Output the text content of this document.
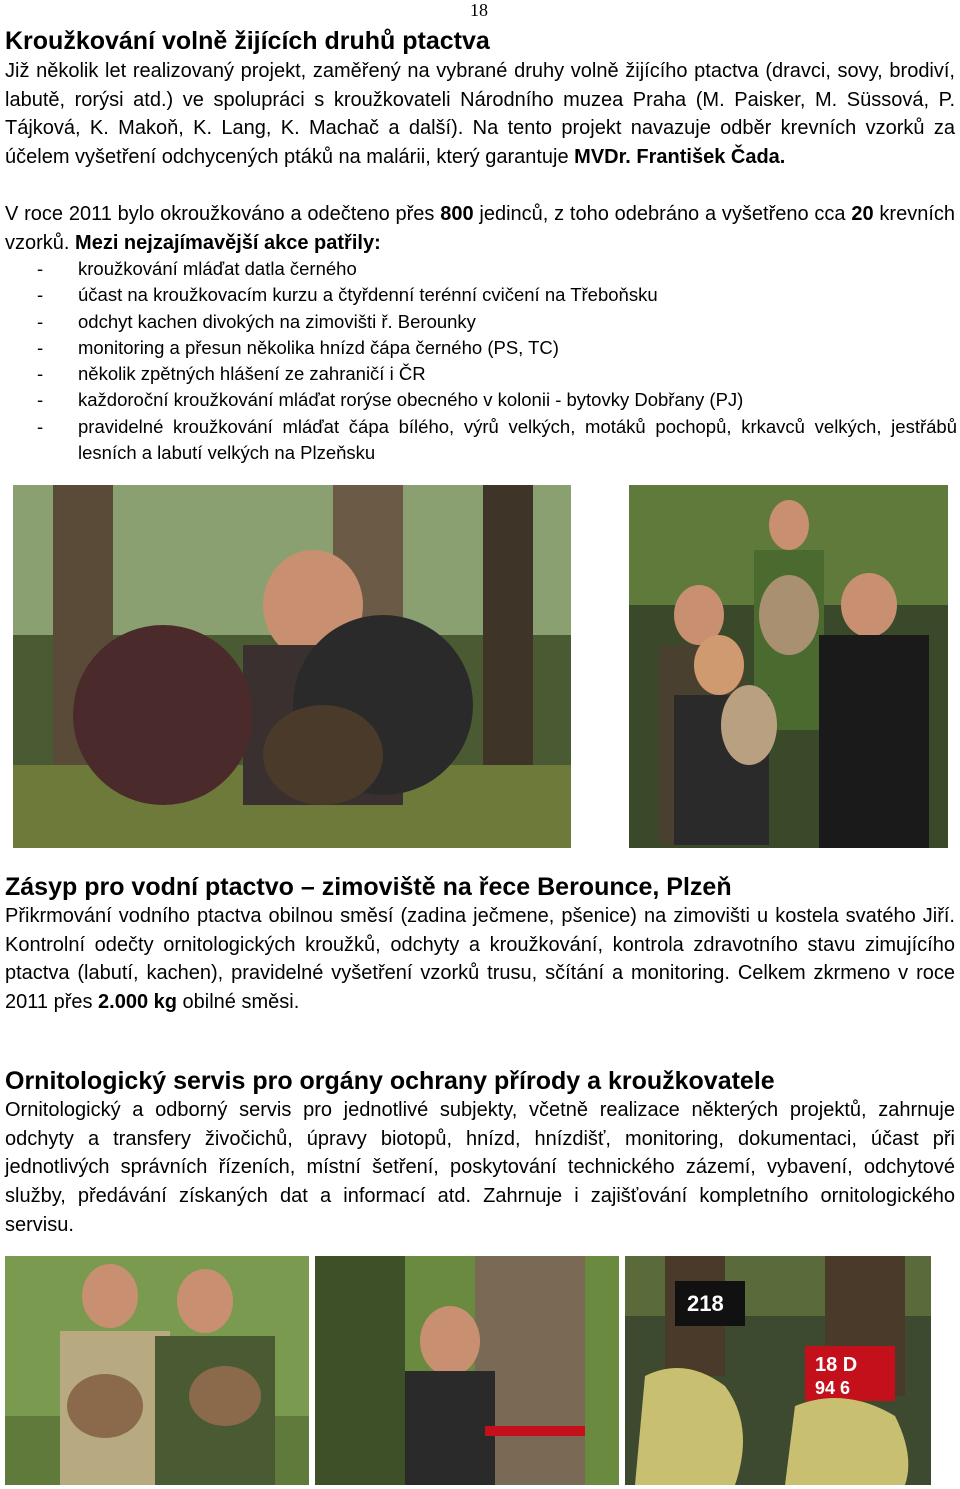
18
Kroužkování volně žijících druhů ptactva
Již několik let realizovaný projekt, zaměřený na vybrané druhy volně žijícího ptactva (dravci, sovy, brodiví, labutě, rorýsi atd.) ve spolupráci s kroužkovateli Národního muzea Praha (M. Paisker, M. Süssová, P. Tájková, K. Makoň, K. Lang, K. Machač a další). Na tento projekt navazuje odběr krevních vzorků za účelem vyšetření odchycených ptáků na malárii, který garantuje MVDr. František Čada.
V roce 2011 bylo okroužkováno a odečteno přes 800 jedinců, z toho odebráno a vyšetřeno cca 20 krevních vzorků. Mezi nejzajímavější akce patřily:
- kroužkování mláďat datla černého
- účast na kroužkovacím kurzu a čtyřdenní terénní cvičení na Třeboňsku
- odchyt kachen divokých na zimovišti ř. Berounky
- monitoring a přesun několika hnízd čápa černého (PS, TC)
- několik zpětných hlášení ze zahraničí i ČR
- každoroční kroužkování mláďat rorýse obecného v kolonii - bytovky Dobřany (PJ)
- pravidelné kroužkování mláďat čápa bílého, výrů velkých, motáků pochopů, krkavců velkých, jestřábů lesních a labutí velkých na Plzeňsku
Zásyp pro vodní ptactvo – zimoviště na řece Berounce, Plzeň
Přikrmování vodního ptactva obilnou směsí (zadina ječmene, pšenice) na zimovišti u kostela svatého Jiří. Kontrolní odečty ornitologických kroužků, odchyty a kroužkování, kontrola zdravotního stavu zimujícího ptactva (labutí, kachen), pravidelné vyšetření vzorků trusu, sčítání a monitoring. Celkem zkrmeno v roce 2011 přes 2.000 kg obilné směsi.
Ornitologický servis pro orgány ochrany přírody a kroužkovatele
Ornitologický a odborný servis pro jednotlivé subjekty, včetně realizace některých projektů, zahrnuje odchyty a transfery živočichů, úpravy biotopů, hnízd, hnízdišť, monitoring, dokumentaci, účast při jednotlivých správních řízeních, místní šetření, poskytování technického zázemí, vybavení, odchytové služby, předávání získaných dat a informací atd. Zahrnuje i zajišťování kompletního ornitologického servisu.
218
18 D
94 6
